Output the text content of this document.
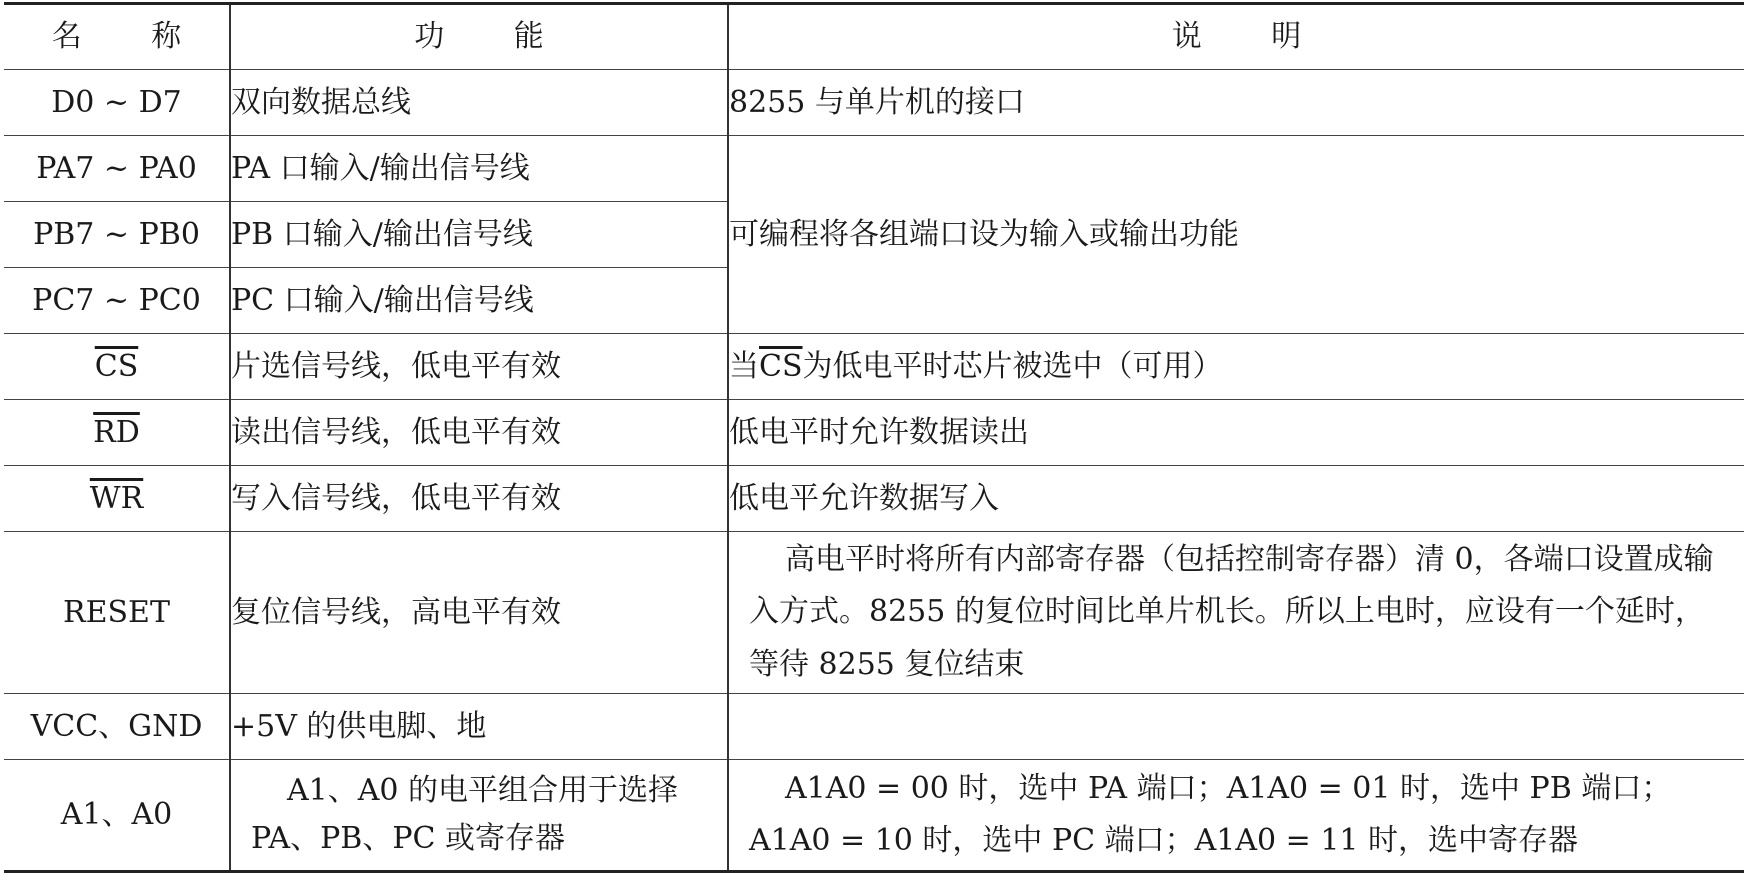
名 称	功 能	说 明
D0 ~ D7	双向数据总线	8255 与单片机的接口
PA7 ~ PA0	PA 口输入/输出信号线	可编程将各组端口设为输入或输出功能
PB7 ~ PB0	PB 口输入/输出信号线	
PC7 ~ PC0	PC 口输入/输出信号线	
$\overline{CS}$	片选信号线，低电平有效	当$\overline{CS}$为低电平时芯片被选中（可用）
$\overline{RD}$	读出信号线，低电平有效	低电平时允许数据读出
$\overline{WR}$	写入信号线，低电平有效	低电平允许数据写入
RESET	复位信号线，高电平有效	高电平时将所有内部寄存器（包括控制寄存器）清 0，各端口设置成输入方式。8255 的复位时间比单片机长。所以上电时，应设有一个延时，等待 8255 复位结束
VCC、GND	+5V 的供电脚、地	
A1、A0	A1、A0 的电平组合用于选择 PA、PB、PC 或寄存器	A1A0 = 00 时，选中 PA 端口；A1A0 = 01 时，选中 PB 端口；A1A0 = 10 时，选中 PC 端口；A1A0 = 11 时，选中寄存器
